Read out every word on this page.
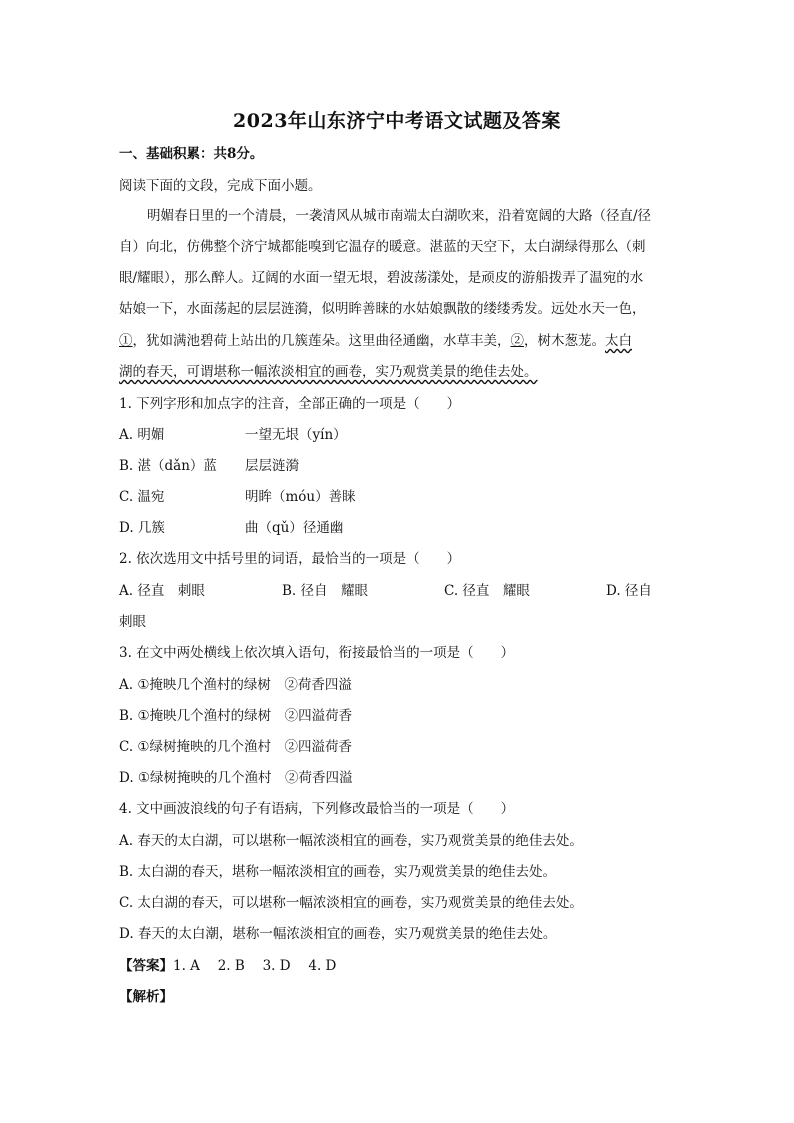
2023年山东济宁中考语文试题及答案
一、基础积累：共8分。
阅读下面的文段，完成下面小题。
明媚春日里的一个清晨，一袭清风从城市南端太白湖吹来，沿着宽阔的大路（径直/径
自）向北，仿佛整个济宁城都能嗅到它温存的暖意。湛蓝的天空下，太白湖绿得那么（刺
眼/耀眼），那么醉人。辽阔的水面一望无垠，碧波荡漾处，是顽皮的游船拨弄了温宛的水
姑娘一下，水面荡起的层层涟漪，似明眸善睐的水姑娘飘散的缕缕秀发。远处水天一色，
①，犹如满池碧荷上站出的几簇莲朵。这里曲径通幽，水草丰美，②，树木葱茏。太白
湖的春天，可谓堪称一幅浓淡相宜的画卷，实乃观赏美景的绝佳去处。
1. 下列字形和加点字的注音，全部正确的一项是（　　）
A. 明媚	一望无垠（yín）
B. 湛（dǎn）蓝 层层涟漪
C. 温宛	明眸（móu）善睐
D. 几簇	曲（qǔ）径通幽
2. 依次选用文中括号里的词语，最恰当的一项是（　　）
A. 径直　刺眼	B. 径自　耀眼	C. 径直　耀眼	D. 径自
刺眼
3. 在文中两处横线上依次填入语句，衔接最恰当的一项是（　　）
A. ①掩映几个渔村的绿树　②荷香四溢
B. ①掩映几个渔村的绿树　②四溢荷香
C. ①绿树掩映的几个渔村　②四溢荷香
D. ①绿树掩映的几个渔村　②荷香四溢
4. 文中画波浪线的句子有语病，下列修改最恰当的一项是（　　）
A. 春天的太白湖，可以堪称一幅浓淡相宜的画卷，实乃观赏美景的绝佳去处。
B. 太白湖的春天，堪称一幅浓淡相宜的画卷，实乃观赏美景的绝佳去处。
C. 太白湖的春天，可以堪称一幅浓淡相宜的画卷，实乃观赏美景的绝佳去处。
D. 春天的太白潮，堪称一幅浓淡相宜的画卷，实乃观赏美景的绝佳去处。
【答案】1. A　 2. B　 3. D　 4. D
【解析】
